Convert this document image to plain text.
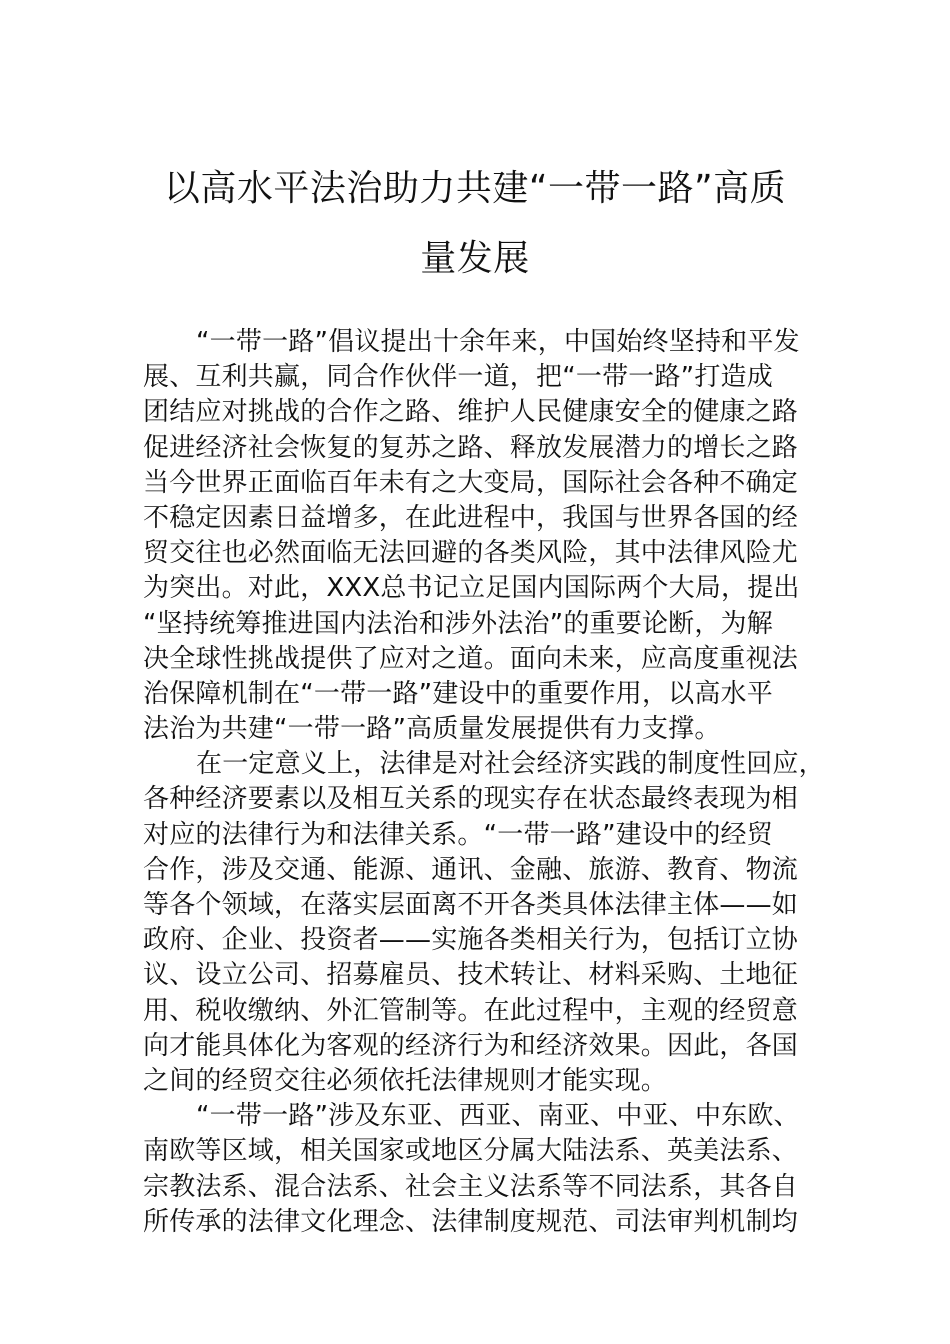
以高水平法治助力共建“一带一路”高质
量发展
“一带一路”倡议提出十余年来，中国始终坚持和平发
展、互利共赢，同合作伙伴一道，把“一带一路”打造成
团结应对挑战的合作之路、维护人民健康安全的健康之路
促进经济社会恢复的复苏之路、释放发展潜力的增长之路
当今世界正面临百年未有之大变局，国际社会各种不确定
不稳定因素日益增多，在此进程中，我国与世界各国的经
贸交往也必然面临无法回避的各类风险，其中法律风险尤
为突出。对此，XXX总书记立足国内国际两个大局，提出
“坚持统筹推进国内法治和涉外法治”的重要论断，为解
决全球性挑战提供了应对之道。面向未来，应高度重视法
治保障机制在“一带一路”建设中的重要作用，以高水平
法治为共建“一带一路”高质量发展提供有力支撑。
在一定意义上，法律是对社会经济实践的制度性回应，
各种经济要素以及相互关系的现实存在状态最终表现为相
对应的法律行为和法律关系。“一带一路”建设中的经贸
合作，涉及交通、能源、通讯、金融、旅游、教育、物流
等各个领域，在落实层面离不开各类具体法律主体——如
政府、企业、投资者——实施各类相关行为，包括订立协
议、设立公司、招募雇员、技术转让、材料采购、土地征
用、税收缴纳、外汇管制等。在此过程中，主观的经贸意
向才能具体化为客观的经济行为和经济效果。因此，各国
之间的经贸交往必须依托法律规则才能实现。
“一带一路”涉及东亚、西亚、南亚、中亚、中东欧、
南欧等区域，相关国家或地区分属大陆法系、英美法系、
宗教法系、混合法系、社会主义法系等不同法系，其各自
所传承的法律文化理念、法律制度规范、司法审判机制均
